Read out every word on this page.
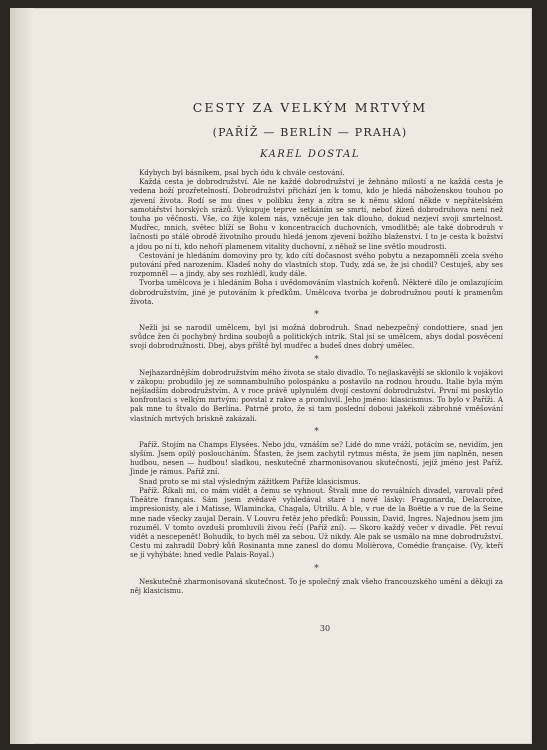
CESTY ZA VELKÝM MRTVÝM
(PAŘÍŽ — BERLÍN — PRAHA)
KAREL DOSTAL

Kdybych byl básníkem, psal bych ódu k chvále cestování.

Každá cesta je dobrodružství. Ale ne každé dobrodružství je žehnáno milostí a ne každá cesta je vedena boží prozřetelností. Dobrodružství přichází jen k tomu, kdo je hledá náboženskou touhou po zjevení života. Rodí se mu dnes v polibku ženy a zítra se k němu skloní někde v nepřátelském samotářství horských srázů. Vykupuje teprve setkáním se smrtí, neboť žízeň dobrodruhova není než touha po věčnosti. Vše, co žije kolem nás, vzněcuje jen tak dlouho, dokud nezjeví svoji smrtelnost. Mudřec, mnich, světec blíží se Bohu v koncentracích duchovních, vmodlitbě; ale také dobrodruh v lačnosti po stálé obrodě životního proudu hledá jenom zjevení božího blaženství. I to je cesta k božství a jdou po ní ti, kdo nehoří plamenem vitality duchovní, z něhož se line světlo moudrosti.

Cestování je hledáním domoviny pro ty, kdo cítí dočasnost svého pobytu a nezapomněli zcela svého putování před narozením. Kladeš nohy do vlastních stop. Tudy, zdá se, že jsi chodil? Cestuješ, aby ses rozpomněl — a jindy, aby ses rozhlédl, kudy dále.

Tvorba umělcova je i hledáním Boha i uvědomováním vlastních kořenů. Některé dílo je omlazujícím dobrodružstvím, jiné je putováním k předkům. Umělcova tvorba je dobrodružnou poutí k pramenům života.

*

Nežli jsi se narodil umělcem, byl jsi možná dobrodruh. Snad nebezpečný condottiere, snad jen svůdce žen či pochybný hrdina soubojů a politických intrik. Stal jsi se umělcem, abys dodal posvěcení svojí dobrodružnosti. Dbej, abys příště byl mudřec a budeš dnes dobrý umělec.

*

Nejhazardnějším dobrodružstvím mého života se stalo divadlo. To nejlaskavější se sklonilo k vojákovi v zákopu: probudilo jej ze somnambulního polospánku a postavilo na rodnou hroudu. Italie byla mým nejšiadším dobrodružstvím. A v roce právě uplynulém dvojí cestovní dobrodružství. První mi poskytlo konfrontaci s velkým mrtvým: povstal z rakve a promluvil. Jeho jméno: klasicismus. To bylo v Paříži. A pak mne to štvalo do Berlína. Patrně proto, že si tam poslední doboui jakékoli zábrohné vměšování vlastních mrtvých briskně zakázali.

*

Paříž. Stojím na Champs Elysées. Nebo jdu, vznáším se? Lidé do mne vráží, potácím se, nevidím, jen slyším. Jsem opilý posloucháním. Šťasten, že jsem zachytil rytmus města, že jsem jím naplněn, nesen hudbou, nesen — hudbou! sladkou, neskutečně zharmonisovanou skutečností, jejíž jméno jest Paříž. Jinde je rámus. Paříž zní.

Snad proto se mi stal výsledným zážitkem Paříže klasicismus.

Paříž. Říkali mi, co mám vidět a čemu se vyhnout. Štvali mne do revuálních divadel, varovali před Théâtre français. Sám jsem zvědavě vyhledával staré i nové lásky: Fragonarda, Delacroixe, impresionisty, ale i Matisse, Wlamincka, Chagala, Utrillu. A ble, v rue de la Boëtie a v rue de la Seine mne nade všecky zaujal Derain. V Louvru řetěz jeho předků: Poussin, David, Ingres. Najednou jsem jim rozuměl. V tomto ovzduší promluvili živou řečí (Paříž zní). — Skoro každý večer v divadle. Pět revuí vidět a nescepenět! Bohudík, to bych měl za sebou. Už nikdy. Ale pak se usmálo na mne dobrodružství. Cestu mi zahradil Dobrý kůň Rosinanta mne zanesl do domu Molièrova, Comédie française. (Vy, kteří se jí vyhýbáte: hned vedle Palais-Royal.)

*

Neskutečně zharmonisovaná skutečnost. To je společný znak všeho francouzského umění a děkuji za něj klasicismu.

30
